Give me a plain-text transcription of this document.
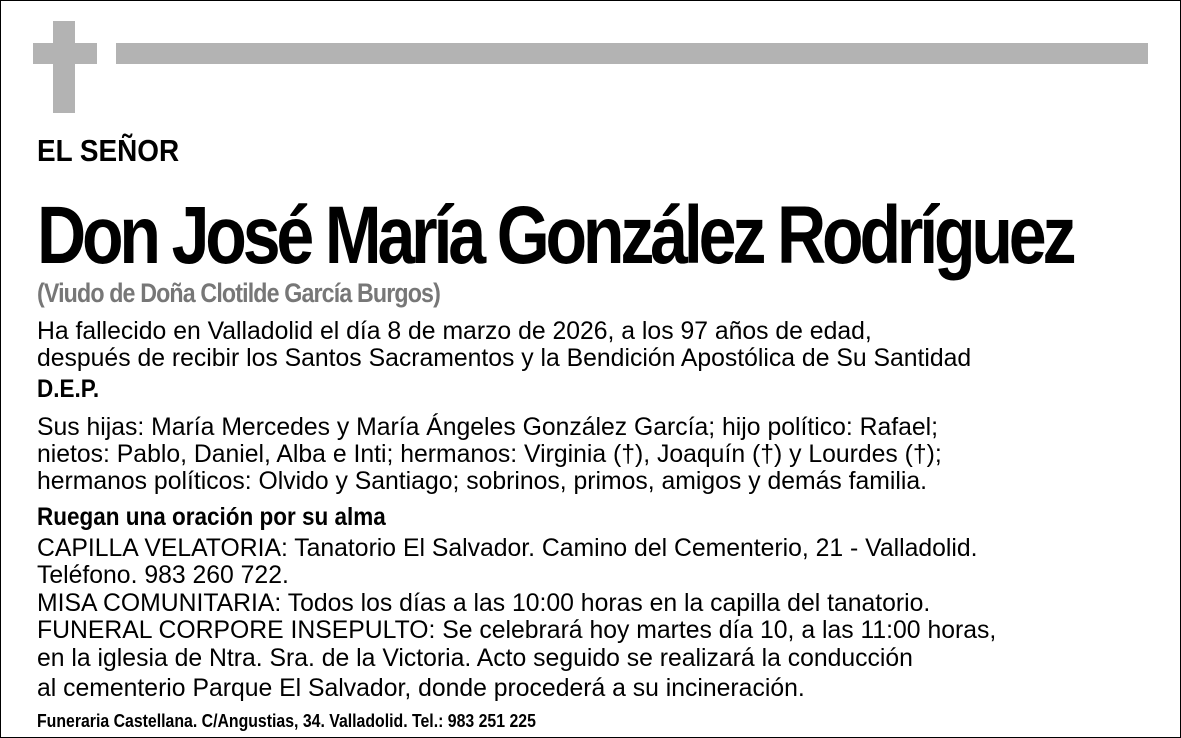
EL SEÑOR
Don José María González Rodríguez
(Viudo de Doña Clotilde García Burgos)
Ha fallecido en Valladolid el día 8 de marzo de 2026, a los 97 años de edad,
después de recibir los Santos Sacramentos y la Bendición Apostólica de Su Santidad
D.E.P.
Sus hijas: María Mercedes y María Ángeles González García; hijo político: Rafael;
nietos: Pablo, Daniel, Alba e Inti; hermanos: Virginia (†), Joaquín (†) y Lourdes (†);
hermanos políticos: Olvido y Santiago; sobrinos, primos, amigos y demás familia.
Ruegan una oración por su alma
CAPILLA VELATORIA: Tanatorio El Salvador. Camino del Cementerio, 21 - Valladolid.
Teléfono. 983 260 722.
MISA COMUNITARIA: Todos los días a las 10:00 horas en la capilla del tanatorio.
FUNERAL CORPORE INSEPULTO: Se celebrará hoy martes día 10, a las 11:00 horas,
en la iglesia de Ntra. Sra. de la Victoria. Acto seguido se realizará la conducción
al cementerio Parque El Salvador, donde procederá a su incineración.
Funeraria Castellana. C/Angustias, 34. Valladolid. Tel.: 983 251 225
